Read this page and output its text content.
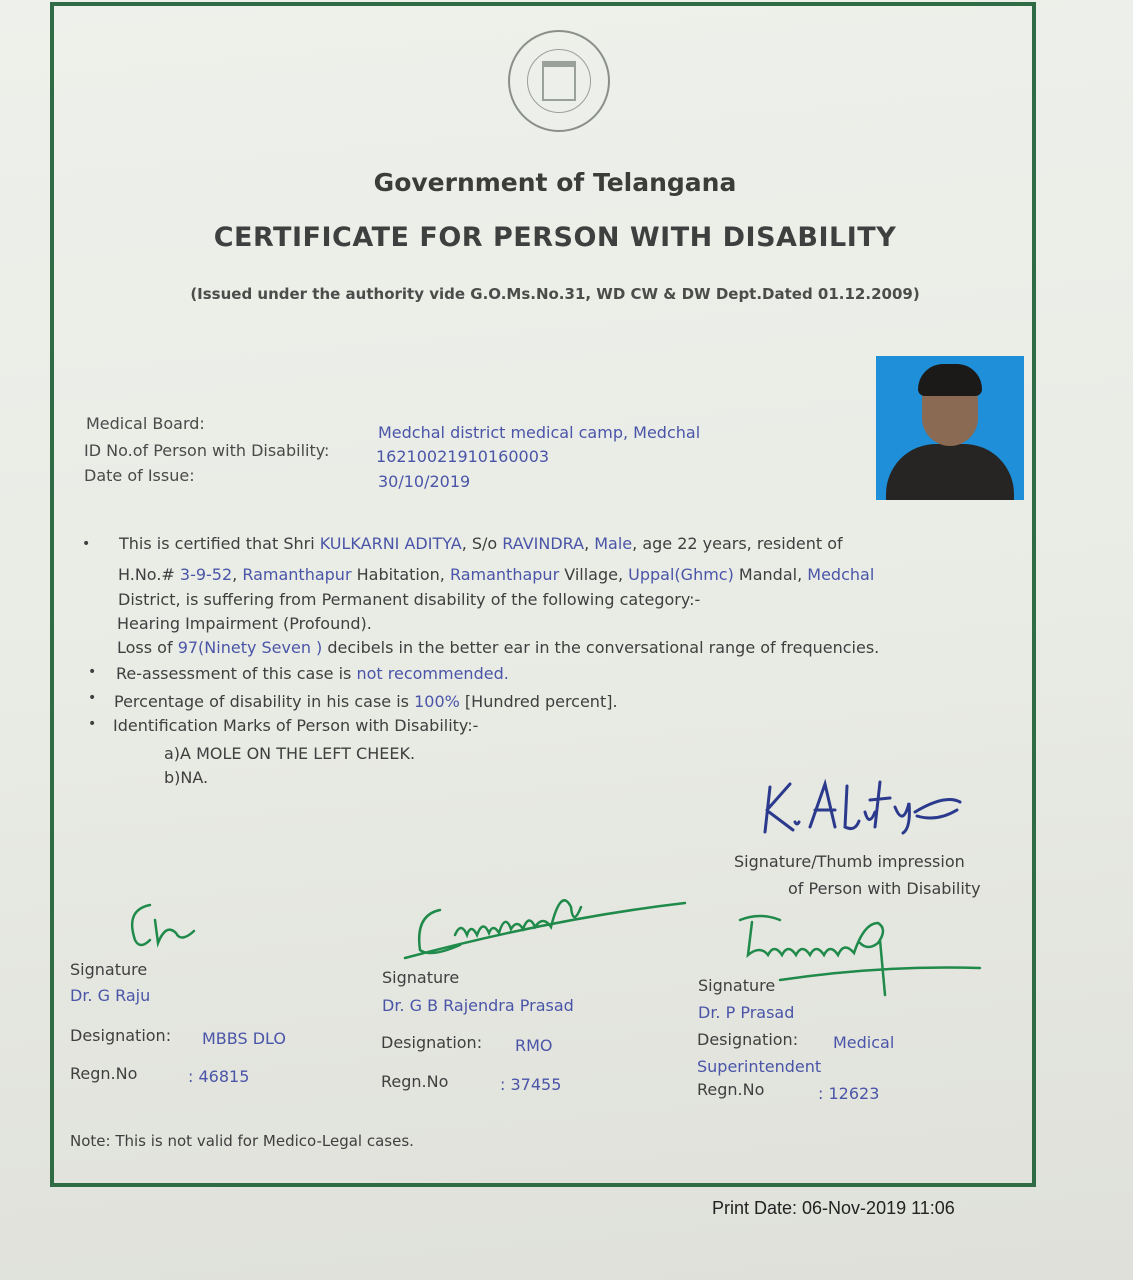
Government of Telangana
CERTIFICATE FOR PERSON WITH DISABILITY
(Issued under the authority vide G.O.Ms.No.31, WD CW & DW Dept.Dated 01.12.2009)
Medical Board:	Medchal district medical camp, Medchal
ID No.of Person with Disability:	16210021910160003
Date of Issue:	30/10/2019
• This is certified that Shri KULKARNI ADITYA, S/o RAVINDRA, Male, age 22 years, resident of
H.No.# 3-9-52, Ramanthapur Habitation, Ramanthapur Village, Uppal(Ghmc) Mandal, Medchal
District, is suffering from Permanent disability of the following category:-
Hearing Impairment (Profound).
Loss of 97(Ninety Seven ) decibels in the better ear in the conversational range of frequencies.
• Re-assessment of this case is not recommended.
• Percentage of disability in his case is 100% [Hundred percent].
• Identification Marks of Person with Disability:-
a)A MOLE ON THE LEFT CHEEK.
b)NA.
Signature/Thumb impression
of Person with Disability
Signature
Dr. G Raju
Designation: MBBS DLO
Regn.No	: 46815
Signature
Dr. G B Rajendra Prasad
Designation: RMO
Regn.No	: 37455
Signature
Dr. P Prasad
Designation: Medical
Superintendent
Regn.No	: 12623
Note: This is not valid for Medico-Legal cases.
Print Date: 06-Nov-2019 11:06
